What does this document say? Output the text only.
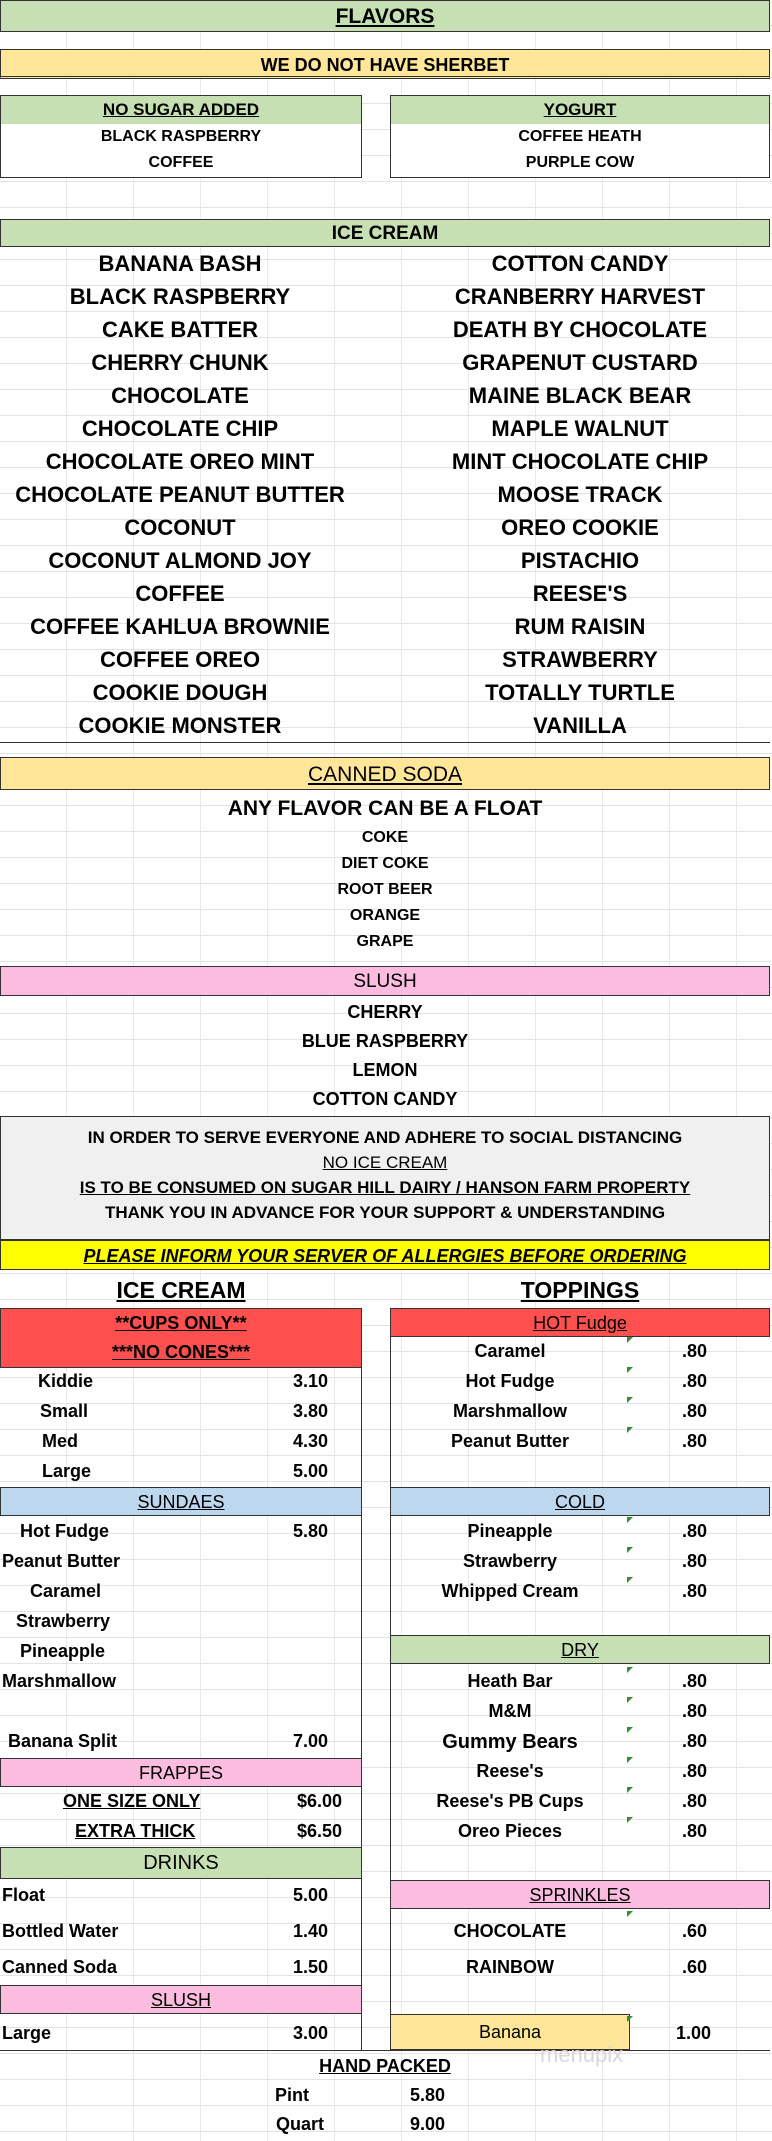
FLAVORS
WE DO NOT HAVE SHERBET
NO SUGAR ADDED
BLACK RASPBERRY
COFFEE
YOGURT
COFFEE HEATH
PURPLE COW
ICE CREAM
BANANA BASH
BLACK RASPBERRY
CAKE BATTER
CHERRY CHUNK
CHOCOLATE
CHOCOLATE CHIP
CHOCOLATE OREO MINT
CHOCOLATE PEANUT BUTTER
COCONUT
COCONUT ALMOND JOY
COFFEE
COFFEE KAHLUA BROWNIE
COFFEE OREO
COOKIE DOUGH
COOKIE MONSTER
COTTON CANDY
CRANBERRY HARVEST
DEATH BY CHOCOLATE
GRAPENUT CUSTARD
MAINE BLACK BEAR
MAPLE WALNUT
MINT CHOCOLATE CHIP
MOOSE TRACK
OREO COOKIE
PISTACHIO
REESE'S
RUM RAISIN
STRAWBERRY
TOTALLY TURTLE
VANILLA
CANNED SODA
ANY FLAVOR CAN BE A FLOAT
COKE
DIET COKE
ROOT BEER
ORANGE
GRAPE
SLUSH
CHERRY
BLUE RASPBERRY
LEMON
COTTON CANDY
IN ORDER TO SERVE EVERYONE AND ADHERE TO SOCIAL DISTANCING
NO ICE CREAM
IS TO BE CONSUMED ON SUGAR HILL DAIRY / HANSON FARM PROPERTY
THANK YOU IN ADVANCE FOR YOUR SUPPORT & UNDERSTANDING
PLEASE INFORM YOUR SERVER OF ALLERGIES BEFORE ORDERING
ICE CREAM
**CUPS ONLY**
***NO CONES***
Kiddie	3.10
Small	3.80
Med	4.30
Large	5.00
SUNDAES
Hot Fudge	5.80
Peanut Butter
Caramel
Strawberry
Pineapple
Marshmallow
Banana Split	7.00
FRAPPES
ONE SIZE ONLY	$6.00
EXTRA THICK	$6.50
DRINKS
Float	5.00
Bottled Water	1.40
Canned Soda	1.50
SLUSH
Large	3.00
TOPPINGS
HOT Fudge
Caramel	.80
Hot Fudge	.80
Marshmallow	.80
Peanut Butter	.80
COLD
Pineapple	.80
Strawberry	.80
Whipped Cream	.80
DRY
Heath Bar	.80
M&M	.80
Gummy Bears	.80
Reese's	.80
Reese's PB Cups	.80
Oreo Pieces	.80
SPRINKLES
CHOCOLATE	.60
RAINBOW	.60
Banana	1.00
HAND PACKED
Pint	5.80
Quart	9.00
menupix
